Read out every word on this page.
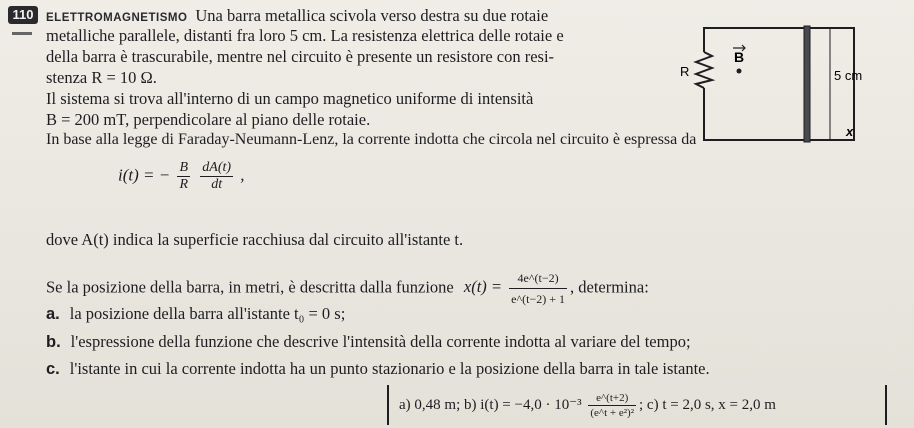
110
▬▬
ELETTROMAGNETISMO Una barra metallica scivola verso destra su due rotaie
metalliche parallele, distanti fra loro 5 cm. La resistenza elettrica delle rotaie e
della barra è trascurabile, mentre nel circuito è presente un resistore con resi-
stenza R = 10 Ω.
Il sistema si trova all'interno di un campo magnetico uniforme di intensità
B = 200 mT, perpendicolare al piano delle rotaie.
In base alla legge di Faraday-Neumann-Lenz, la corrente indotta che circola nel circuito è espressa da
i(t) = − $\frac{B}{R}$
$\frac{dA(t)}{dt}$ ,
dove A(t) indica la superficie racchiusa dal circuito all'istante t.
Se la posizione della barra, in metri, è descritta dalla funzione $x(t) = \frac{4e\^{}(t-2)}{e\^{}(t-2) + 1}$ , determina:
a. la posizione della barra all'istante t₀ = 0 s;
b. l'espressione della funzione che descrive l'intensità della corrente indotta al variare del tempo;
c. l'istante in cui la corrente indotta ha un punto stazionario e la posizione della barra in tale istante.
a) 0,48 m; b) $i(t) = -4,0 \cdot 10^{-3} \frac{e\^{}(t+2)}{\text{(e\textasciicircum{}t + e²)²}}$ ; c) t = 2,0 s, x = 2,0 m
R
B
5 cm
x
